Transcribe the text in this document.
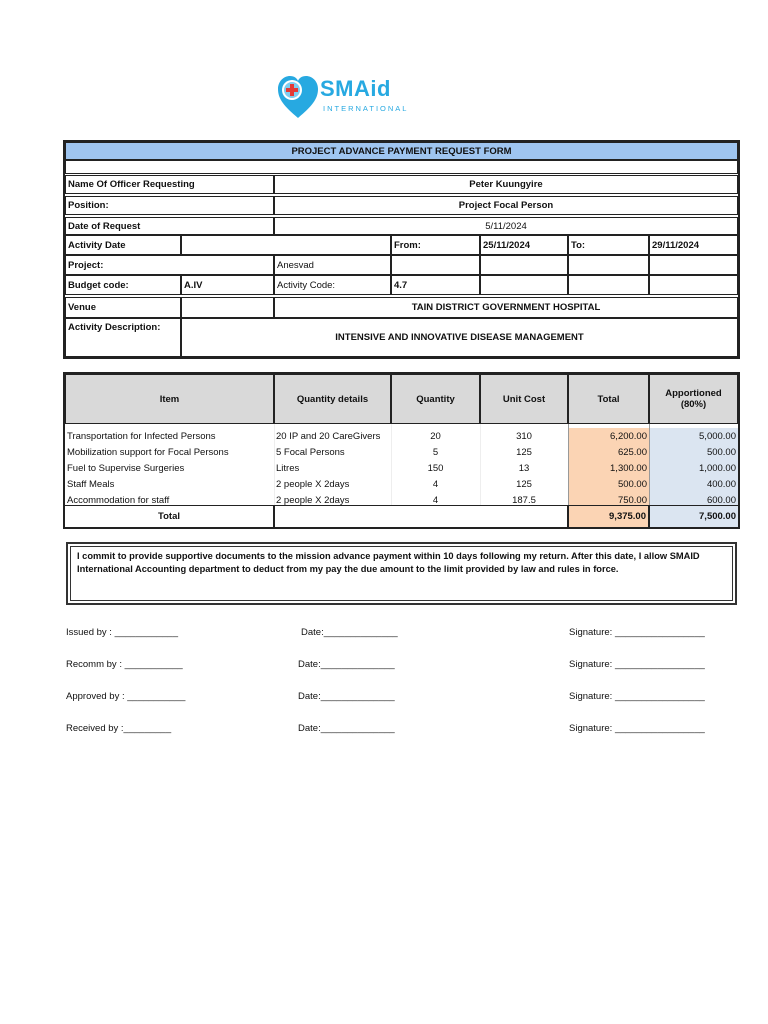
SMAid
INTERNATIONAL
PROJECT ADVANCE PAYMENT REQUEST FORM
Name Of Officer Requesting	Peter Kuungyire
Position:	Project Focal Person
Date of Request	5/11/2024
Activity Date	From:	25/11/2024	To:	29/11/2024
Project:	Anesvad
Budget code:	A.IV	Activity Code:	4.7
Venue	TAIN DISTRICT GOVERNMENT HOSPITAL
Activity Description:
INTENSIVE AND INNOVATIVE DISEASE MANAGEMENT
Item	Quantity details	Quantity	Unit Cost	Total	Apportioned (80%)
Transportation for Infected Persons	20 IP and 20 CareGivers	20	310	6,200.00	5,000.00
Mobilization support for Focal Persons	5 Focal Persons	5	125	625.00	500.00
Fuel to Supervise Surgeries	Litres	150	13	1,300.00	1,000.00
Staff Meals	2 people X 2days	4	125	500.00	400.00
Accommodation for staff	2 people X 2days	4	187.5	750.00	600.00
Total	9,375.00	7,500.00
I commit to provide supportive documents to the mission advance payment within 10 days following my return. After this date, I allow SMAID International Accounting department to deduct from my pay the due amount to the limit provided by law and rules in force.
Issued by : ____________	Date:______________	Signature: _________________
Recomm by : ___________	Date:______________	Signature: _________________
Approved by : ___________	Date:______________	Signature: _________________
Received by :_________	Date:______________	Signature: _________________
